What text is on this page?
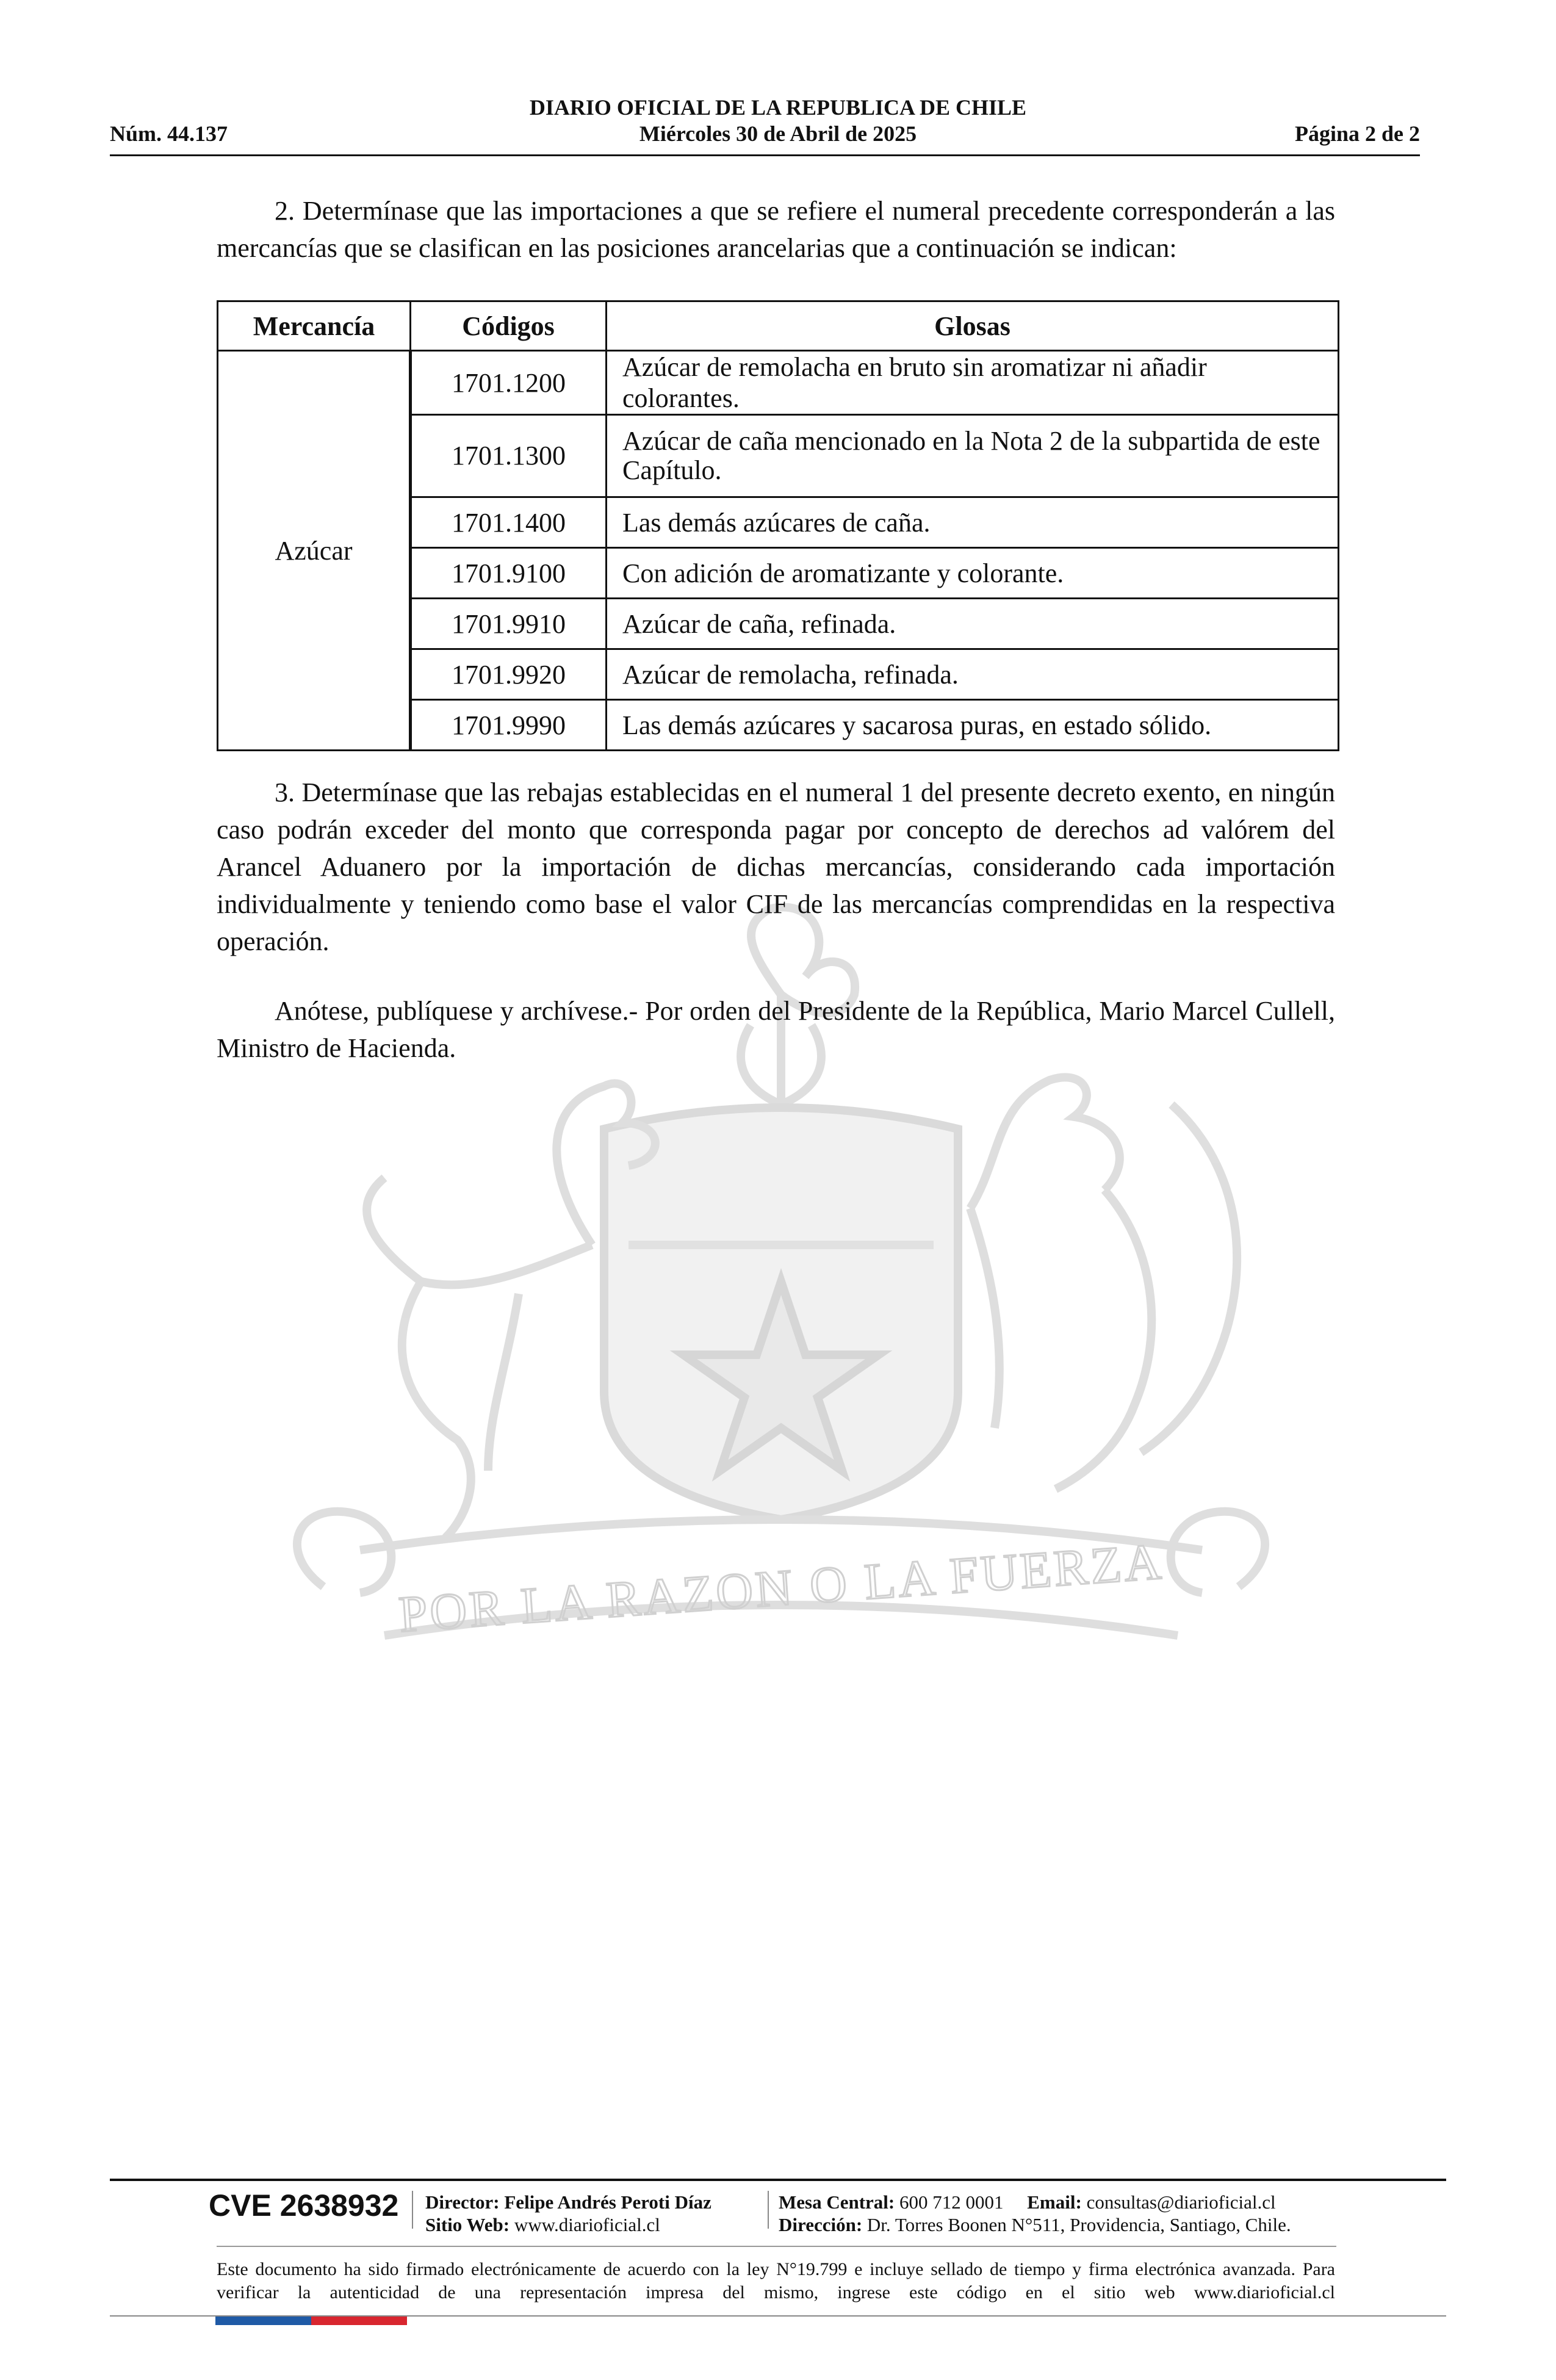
POR LA RAZON O LA FUERZA
DIARIO OFICIAL DE LA REPUBLICA DE CHILE
Núm. 44.137	Miércoles 30 de Abril de 2025	Página 2 de 2

2. Determínase que las importaciones a que se refiere el numeral precedente corresponderán a las mercancías que se clasifican en las posiciones arancelarias que a continuación se indican:

Mercancía	Códigos	Glosas
Azúcar	1701.1200	Azúcar de remolacha en bruto sin aromatizar ni añadir colorantes.
	1701.1300	Azúcar de caña mencionado en la Nota 2 de la subpartida de este Capítulo.
	1701.1400	Las demás azúcares de caña.
	1701.9100	Con adición de aromatizante y colorante.
	1701.9910	Azúcar de caña, refinada.
	1701.9920	Azúcar de remolacha, refinada.
	1701.9990	Las demás azúcares y sacarosa puras, en estado sólido.

3. Determínase que las rebajas establecidas en el numeral 1 del presente decreto exento, en ningún caso podrán exceder del monto que corresponda pagar por concepto de derechos ad valórem del Arancel Aduanero por la importación de dichas mercancías, considerando cada importación individualmente y teniendo como base el valor CIF de las mercancías comprendidas en la respectiva operación.

Anótese, publíquese y archívese.- Por orden del Presidente de la República, Mario Marcel Cullell, Ministro de Hacienda.

CVE 2638932 Director: Felipe Andrés Peroti Díaz
Sitio Web: www.diarioficial.cl
Mesa Central: 600 712 0001 Email: consultas@diarioficial.cl
Dirección: Dr. Torres Boonen N°511, Providencia, Santiago, Chile.
Este documento ha sido firmado electrónicamente de acuerdo con la ley N°19.799 e incluye sellado de tiempo y firma electrónica avanzada. Para verificar la autenticidad de una representación impresa del mismo, ingrese este código en el sitio web www.diarioficial.cl
